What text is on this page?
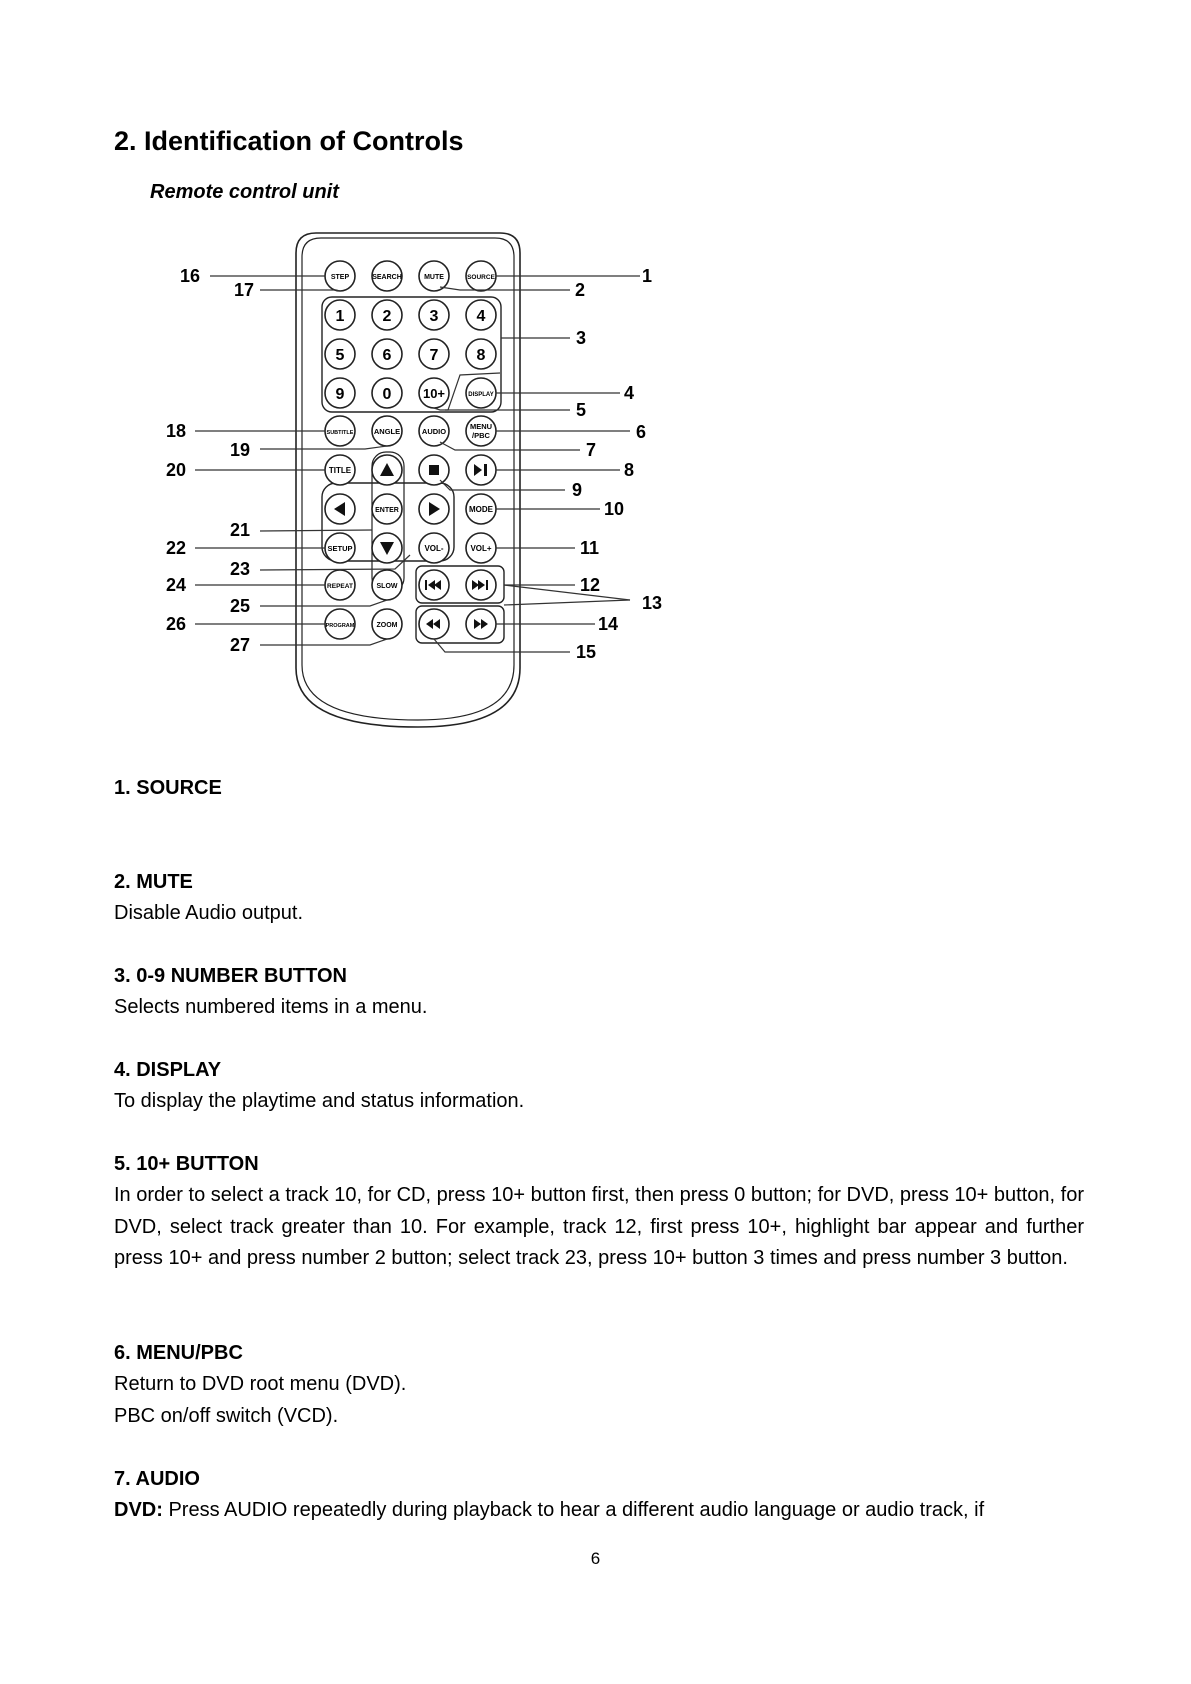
2. Identification of Controls
Remote control unit
STEP	SEARCH	MUTE	SOURCE
1 2 3 4
5 6 7 8
9 0 10+	DISPLAY
SUBTITLE	ANGLE	AUDIO
MENU
/PBC
TITLE
ENTER	MODE
SETUP	VOL-	VOL+
REPEAT	SLOW
PROGRAM	ZOOM
1
2
3
4
5
6
7
8
9
10
11
12
13
14
15
16
17
18
19
20
21
22
23
24
25
26
27

1. SOURCE

2. MUTE

Disable Audio output.

3. 0-9 NUMBER BUTTON

Selects numbered items in a menu.

4. DISPLAY

To display the playtime and status information.

5. 10+ BUTTON

In order to select a track 10, for CD, press 10+ button first, then press 0 button; for DVD, press 10+ button, for DVD, select track greater than 10. For example, track 12, first press 10+, highlight bar appear and further press 10+ and press number 2 button; select track 23, press 10+ button 3 times and press number 3 button.

6. MENU/PBC

Return to DVD root menu (DVD).

PBC on/off switch (VCD).

7. AUDIO

DVD: Press AUDIO repeatedly during playback to hear a different audio language or audio track, if

6
